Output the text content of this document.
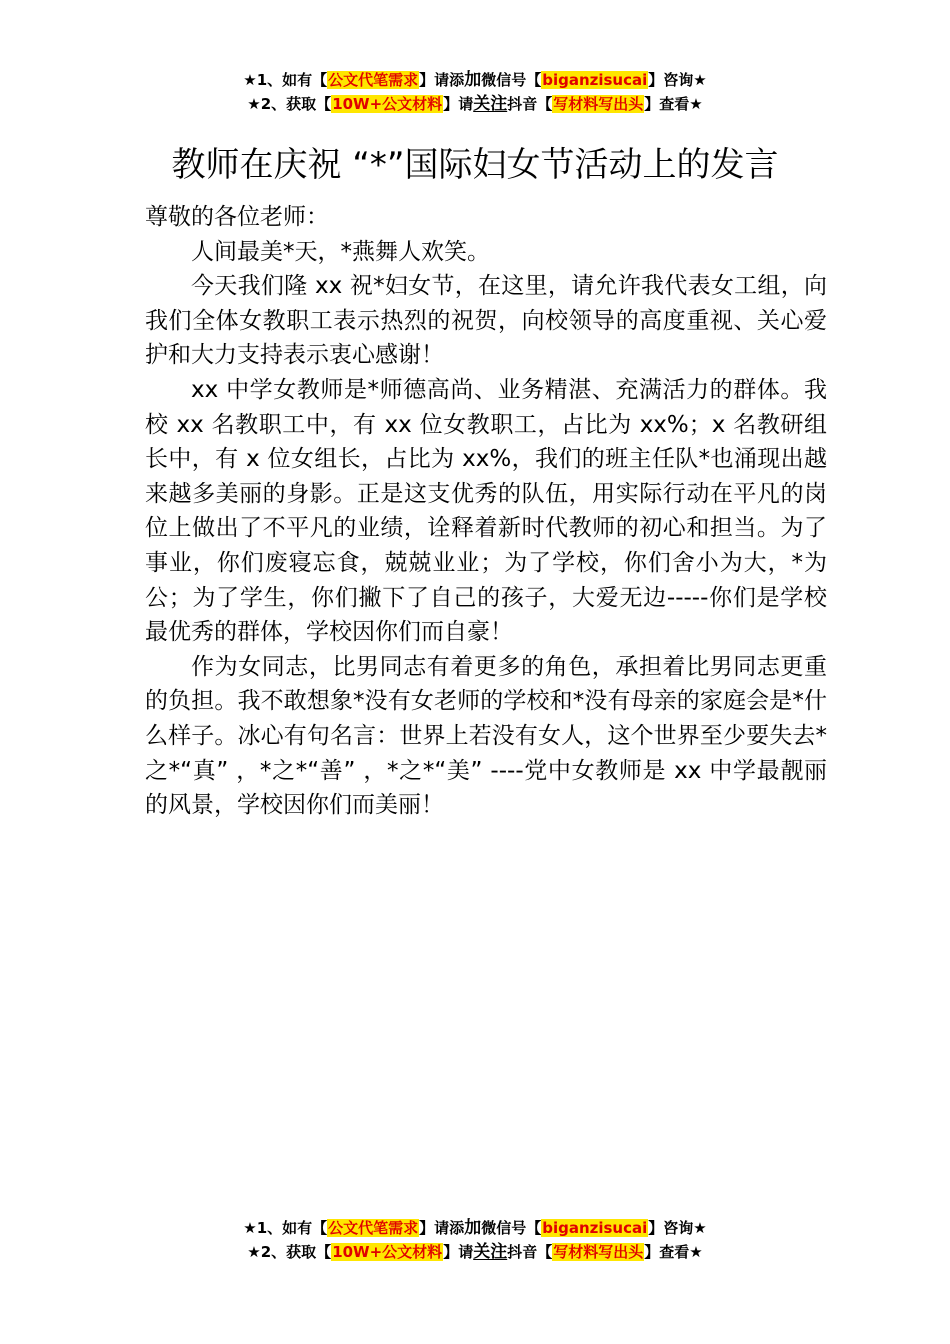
★1、如有【公文代笔需求】请添加微信号【biganzisucai】咨询★
★2、获取【10W+公文材料】请关注抖音【写材料写出头】查看★
教师在庆祝 “*”国际妇女节活动上的发言

尊敬的各位老师：

人间最美*天，*燕舞人欢笑。

今天我们隆 xx 祝*妇女节，在这里，请允许我代表女工组，向我们全体女教职工表示热烈的祝贺，向校领导的高度重视、关心爱护和大力支持表示衷心感谢！

xx 中学女教师是*师德高尚、业务精湛、充满活力的群体。我校 xx 名教职工中，有 xx 位女教职工，占比为 xx%；x 名教研组长中，有 x 位女组长，占比为 xx%，我们的班主任队*也涌现出越来越多美丽的身影。正是这支优秀的队伍，用实际行动在平凡的岗位上做出了不平凡的业绩，诠释着新时代教师的初心和担当。为了事业，你们废寝忘食，兢兢业业；为了学校，你们舍小为大，*为公；为了学生，你们撇下了自己的孩子，大爱无边-----你们是学校最优秀的群体，学校因你们而自豪！

作为女同志，比男同志有着更多的角色，承担着比男同志更重的负担。我不敢想象*没有女老师的学校和*没有母亲的家庭会是*什么样子。冰心有句名言：世界上若没有女人，这个世界至少要失去*之*“真” ，*之*“善” ，*之*“美” ----党中女教师是 xx 中学最靓丽的风景，学校因你们而美丽！

★1、如有【公文代笔需求】请添加微信号【biganzisucai】咨询★
★2、获取【10W+公文材料】请关注抖音【写材料写出头】查看★
